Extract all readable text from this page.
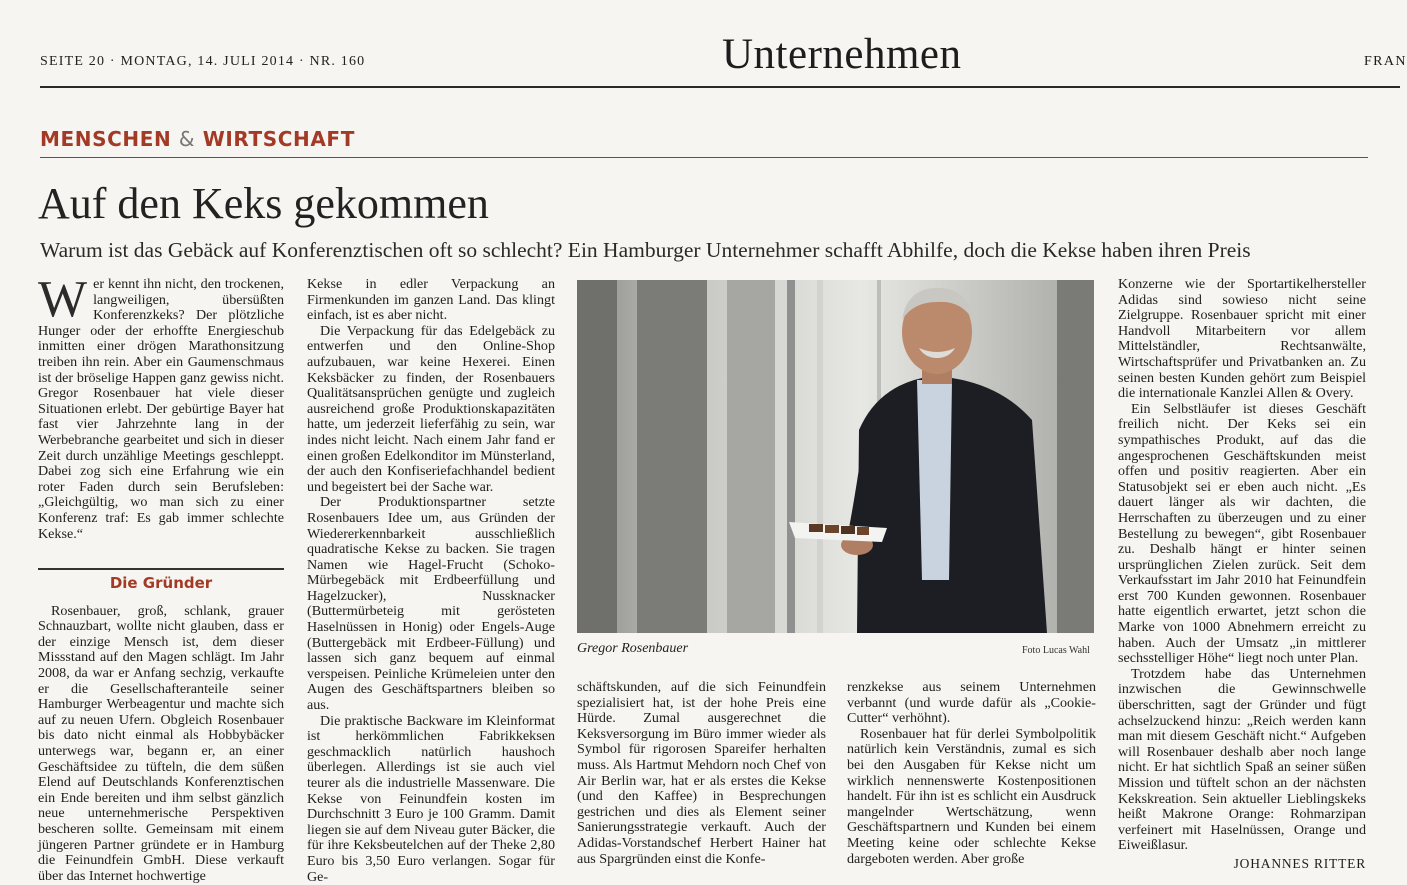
SEITE 20 · MONTAG, 14. JULI 2014 · NR. 160	Unternehmen	FRAN
MENSCHEN & WIRTSCHAFT
Auf den Keks gekommen
Warum ist das Gebäck auf Konferenztischen oft so schlecht? Ein Hamburger Unternehmer schafft Abhilfe, doch die Kekse haben ihren Preis

Wer kennt ihn nicht, den trockenen, langweiligen, übersüßten Konferenzkeks? Der plötzliche Hunger oder der erhoffte Energieschub inmitten einer drögen Marathonsitzung treiben ihn rein. Aber ein Gaumenschmaus ist der bröselige Happen ganz gewiss nicht. Gregor Rosenbauer hat viele dieser Situationen erlebt. Der gebürtige Bayer hat fast vier Jahrzehnte lang in der Werbebranche gearbeitet und sich in dieser Zeit durch unzählige Meetings geschleppt. Dabei zog sich eine Erfahrung wie ein roter Faden durch sein Berufsleben: „Gleichgültig, wo man sich zu einer Konferenz traf: Es gab immer schlechte Kekse.“

Die Gründer

Rosenbauer, groß, schlank, grauer Schnauzbart, wollte nicht glauben, dass er der einzige Mensch ist, dem dieser Missstand auf den Magen schlägt. Im Jahr 2008, da war er Anfang sechzig, verkaufte er die Gesellschafteranteile seiner Hamburger Werbeagentur und machte sich auf zu neuen Ufern. Obgleich Rosenbauer bis dato nicht einmal als Hobbybäcker unterwegs war, begann er, an einer Geschäftsidee zu tüfteln, die dem süßen Elend auf Deutschlands Konferenztischen ein Ende bereiten und ihm selbst gänzlich neue unternehmerische Perspektiven bescheren sollte. Gemeinsam mit einem jüngeren Partner gründete er in Hamburg die Feinundfein GmbH. Diese verkauft über das Internet hochwertige

Kekse in edler Verpackung an Firmenkunden im ganzen Land. Das klingt einfach, ist es aber nicht.

Die Verpackung für das Edelgebäck zu entwerfen und den Online-Shop aufzubauen, war keine Hexerei. Einen Keksbäcker zu finden, der Rosenbauers Qualitätsansprüchen genügte und zugleich ausreichend große Produktionskapazitäten hatte, um jederzeit lieferfähig zu sein, war indes nicht leicht. Nach einem Jahr fand er einen großen Edelkonditor im Münsterland, der auch den Konfiseriefachhandel bedient und begeistert bei der Sache war.

Der Produktionspartner setzte Rosenbauers Idee um, aus Gründen der Wiedererkennbarkeit ausschließlich quadratische Kekse zu backen. Sie tragen Namen wie Hagel-Frucht (Schoko-Mürbegebäck mit Erdbeerfüllung und Hagelzucker), Nussknacker (Buttermürbeteig mit gerösteten Haselnüssen in Honig) oder Engels-Auge (Buttergebäck mit Erdbeer-Füllung) und lassen sich ganz bequem auf einmal verspeisen. Peinliche Krümeleien unter den Augen des Geschäftspartners bleiben so aus.

Die praktische Backware im Kleinformat ist herkömmlichen Fabrikkeksen geschmacklich natürlich haushoch überlegen. Allerdings ist sie auch viel teurer als die industrielle Massenware. Die Kekse von Feinundfein kosten im Durchschnitt 3 Euro je 100 Gramm. Damit liegen sie auf dem Niveau guter Bäcker, die für ihre Keksbeutelchen auf der Theke 2,80 Euro bis 3,50 Euro verlangen. Sogar für Ge-

Gregor Rosenbauer	Foto Lucas Wahl

schäftskunden, auf die sich Feinundfein spezialisiert hat, ist der hohe Preis eine Hürde. Zumal ausgerechnet die Keksversorgung im Büro immer wieder als Symbol für rigorosen Spareifer herhalten muss. Als Hartmut Mehdorn noch Chef von Air Berlin war, hat er als erstes die Kekse (und den Kaffee) in Besprechungen gestrichen und dies als Element seiner Sanierungsstrategie verkauft. Auch der Adidas-Vorstandschef Herbert Hainer hat aus Spargründen einst die Konfe-

renzkekse aus seinem Unternehmen verbannt (und wurde dafür als „Cookie-Cutter“ verhöhnt).

Rosenbauer hat für derlei Symbolpolitik natürlich kein Verständnis, zumal es sich bei den Ausgaben für Kekse nicht um wirklich nennenswerte Kostenpositionen handelt. Für ihn ist es schlicht ein Ausdruck mangelnder Wertschätzung, wenn Geschäftspartnern und Kunden bei einem Meeting keine oder schlechte Kekse dargeboten werden. Aber große

Konzerne wie der Sportartikelhersteller Adidas sind sowieso nicht seine Zielgruppe. Rosenbauer spricht mit einer Handvoll Mitarbeitern vor allem Mittelständler, Rechtsanwälte, Wirtschaftsprüfer und Privatbanken an. Zu seinen besten Kunden gehört zum Beispiel die internationale Kanzlei Allen & Overy.

Ein Selbstläufer ist dieses Geschäft freilich nicht. Der Keks sei ein sympathisches Produkt, auf das die angesprochenen Geschäftskunden meist offen und positiv reagierten. Aber ein Statusobjekt sei er eben auch nicht. „Es dauert länger als wir dachten, die Herrschaften zu überzeugen und zu einer Bestellung zu bewegen“, gibt Rosenbauer zu. Deshalb hängt er hinter seinen ursprünglichen Zielen zurück. Seit dem Verkaufsstart im Jahr 2010 hat Feinundfein erst 700 Kunden gewonnen. Rosenbauer hatte eigentlich erwartet, jetzt schon die Marke von 1000 Abnehmern erreicht zu haben. Auch der Umsatz „in mittlerer sechsstelliger Höhe“ liegt noch unter Plan.

Trotzdem habe das Unternehmen inzwischen die Gewinnschwelle überschritten, sagt der Gründer und fügt achselzuckend hinzu: „Reich werden kann man mit diesem Geschäft nicht.“ Aufgeben will Rosenbauer deshalb aber noch lange nicht. Er hat sichtlich Spaß an seiner süßen Mission und tüftelt schon an der nächsten Kekskreation. Sein aktueller Lieblingskeks heißt Makrone Orange: Rohmarzipan verfeinert mit Haselnüssen, Orange und Eiweißlasur.

JOHANNES RITTER
